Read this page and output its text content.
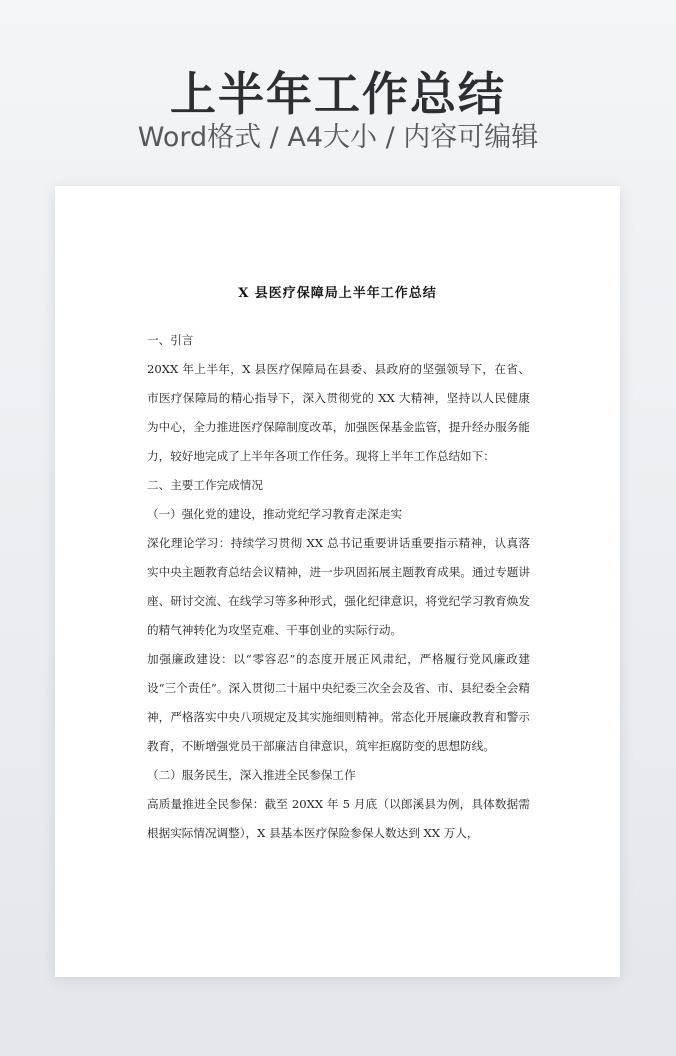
上半年工作总结
Word格式 / A4大小 / 内容可编辑
X 县医疗保障局上半年工作总结

一、引言

20XX 年上半年，X 县医疗保障局在县委、县政府的坚强领导下，在省、市医疗保障局的精心指导下，深入贯彻党的 XX 大精神，坚持以人民健康为中心，全力推进医疗保障制度改革，加强医保基金监管，提升经办服务能力，较好地完成了上半年各项工作任务。现将上半年工作总结如下：

二、主要工作完成情况

（一）强化党的建设，推动党纪学习教育走深走实

深化理论学习：持续学习贯彻 XX 总书记重要讲话重要指示精神，认真落实中央主题教育总结会议精神，进一步巩固拓展主题教育成果。通过专题讲座、研讨交流、在线学习等多种形式，强化纪律意识，将党纪学习教育焕发的精气神转化为攻坚克难、干事创业的实际行动。

加强廉政建设：以“零容忍”的态度开展正风肃纪，严格履行党风廉政建设“三个责任”。深入贯彻二十届中央纪委三次全会及省、市、县纪委全会精神，严格落实中央八项规定及其实施细则精神。常态化开展廉政教育和警示教育，不断增强党员干部廉洁自律意识，筑牢拒腐防变的思想防线。

（二）服务民生，深入推进全民参保工作

高质量推进全民参保：截至 20XX 年 5 月底（以郎溪县为例，具体数据需根据实际情况调整），X 县基本医疗保险参保人数达到 XX 万人，
